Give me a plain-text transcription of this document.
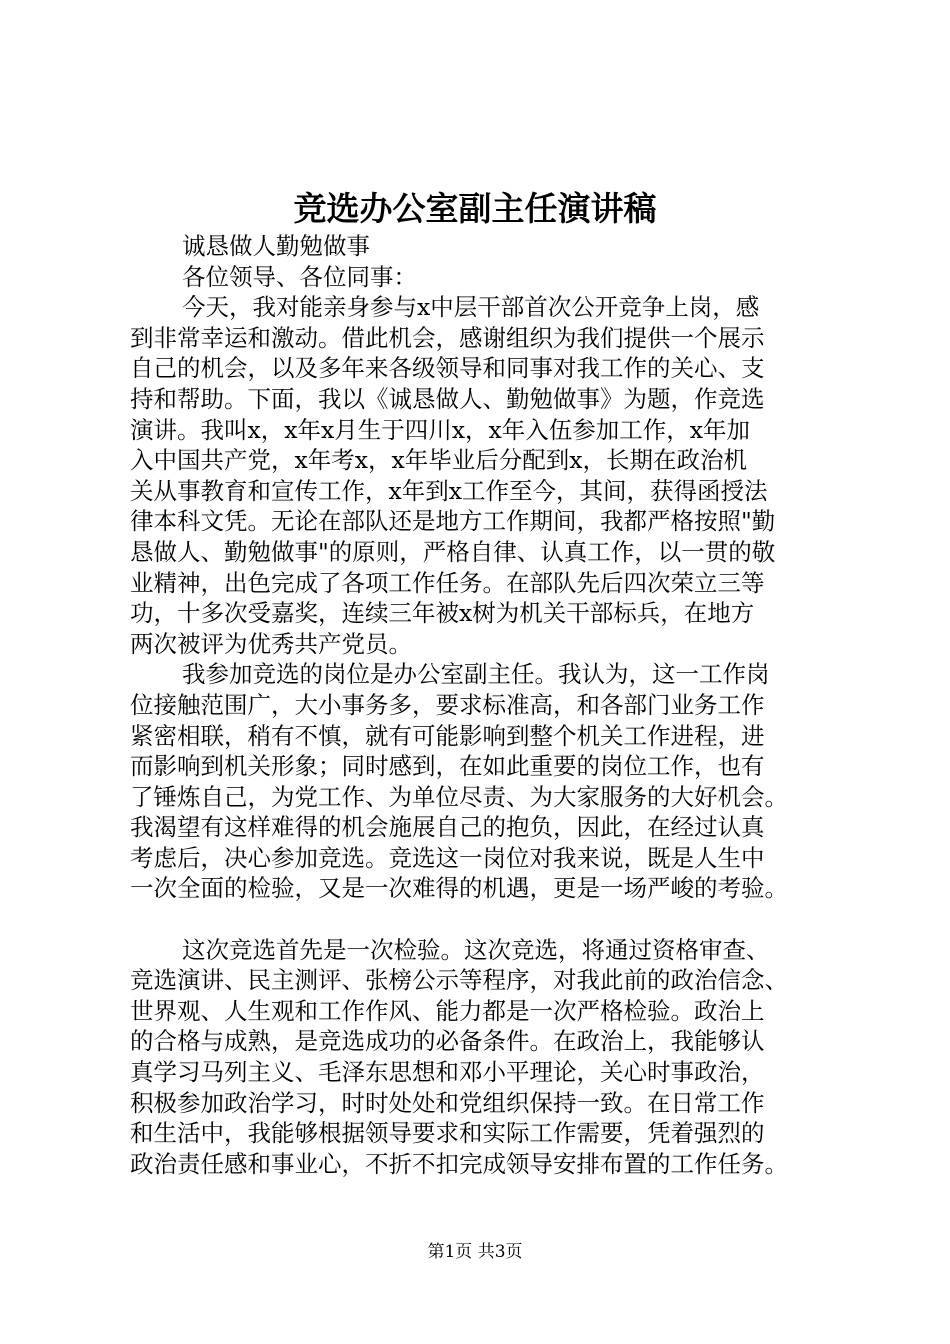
竞选办公室副主任演讲稿
诚恳做人勤勉做事
各位领导、各位同事：
今天，我对能亲身参与x中层干部首次公开竞争上岗，感
到非常幸运和激动。借此机会，感谢组织为我们提供一个展示
自己的机会，以及多年来各级领导和同事对我工作的关心、支
持和帮助。下面，我以《诚恳做人、勤勉做事》为题，作竞选
演讲。我叫x，x年x月生于四川x，x年入伍参加工作，x年加
入中国共产党，x年考x，x年毕业后分配到x，长期在政治机
关从事教育和宣传工作，x年到x工作至今，其间，获得函授法
律本科文凭。无论在部队还是地方工作期间，我都严格按照"勤
恳做人、勤勉做事"的原则，严格自律、认真工作，以一贯的敬
业精神，出色完成了各项工作任务。在部队先后四次荣立三等
功，十多次受嘉奖，连续三年被x树为机关干部标兵，在地方
两次被评为优秀共产党员。
我参加竞选的岗位是办公室副主任。我认为，这一工作岗
位接触范围广，大小事务多，要求标准高，和各部门业务工作
紧密相联，稍有不慎，就有可能影响到整个机关工作进程，进
而影响到机关形象；同时感到，在如此重要的岗位工作，也有
了锤炼自己，为党工作、为单位尽责、为大家服务的大好机会。
我渴望有这样难得的机会施展自己的抱负，因此，在经过认真
考虑后，决心参加竞选。竞选这一岗位对我来说，既是人生中
一次全面的检验，又是一次难得的机遇，更是一场严峻的考验。
这次竞选首先是一次检验。这次竞选，将通过资格审查、
竞选演讲、民主测评、张榜公示等程序，对我此前的政治信念、
世界观、人生观和工作作风、能力都是一次严格检验。政治上
的合格与成熟，是竞选成功的必备条件。在政治上，我能够认
真学习马列主义、毛泽东思想和邓小平理论，关心时事政治，
积极参加政治学习，时时处处和党组织保持一致。在日常工作
和生活中，我能够根据领导要求和实际工作需要，凭着强烈的
政治责任感和事业心，不折不扣完成领导安排布置的工作任务。
第1页 共3页
